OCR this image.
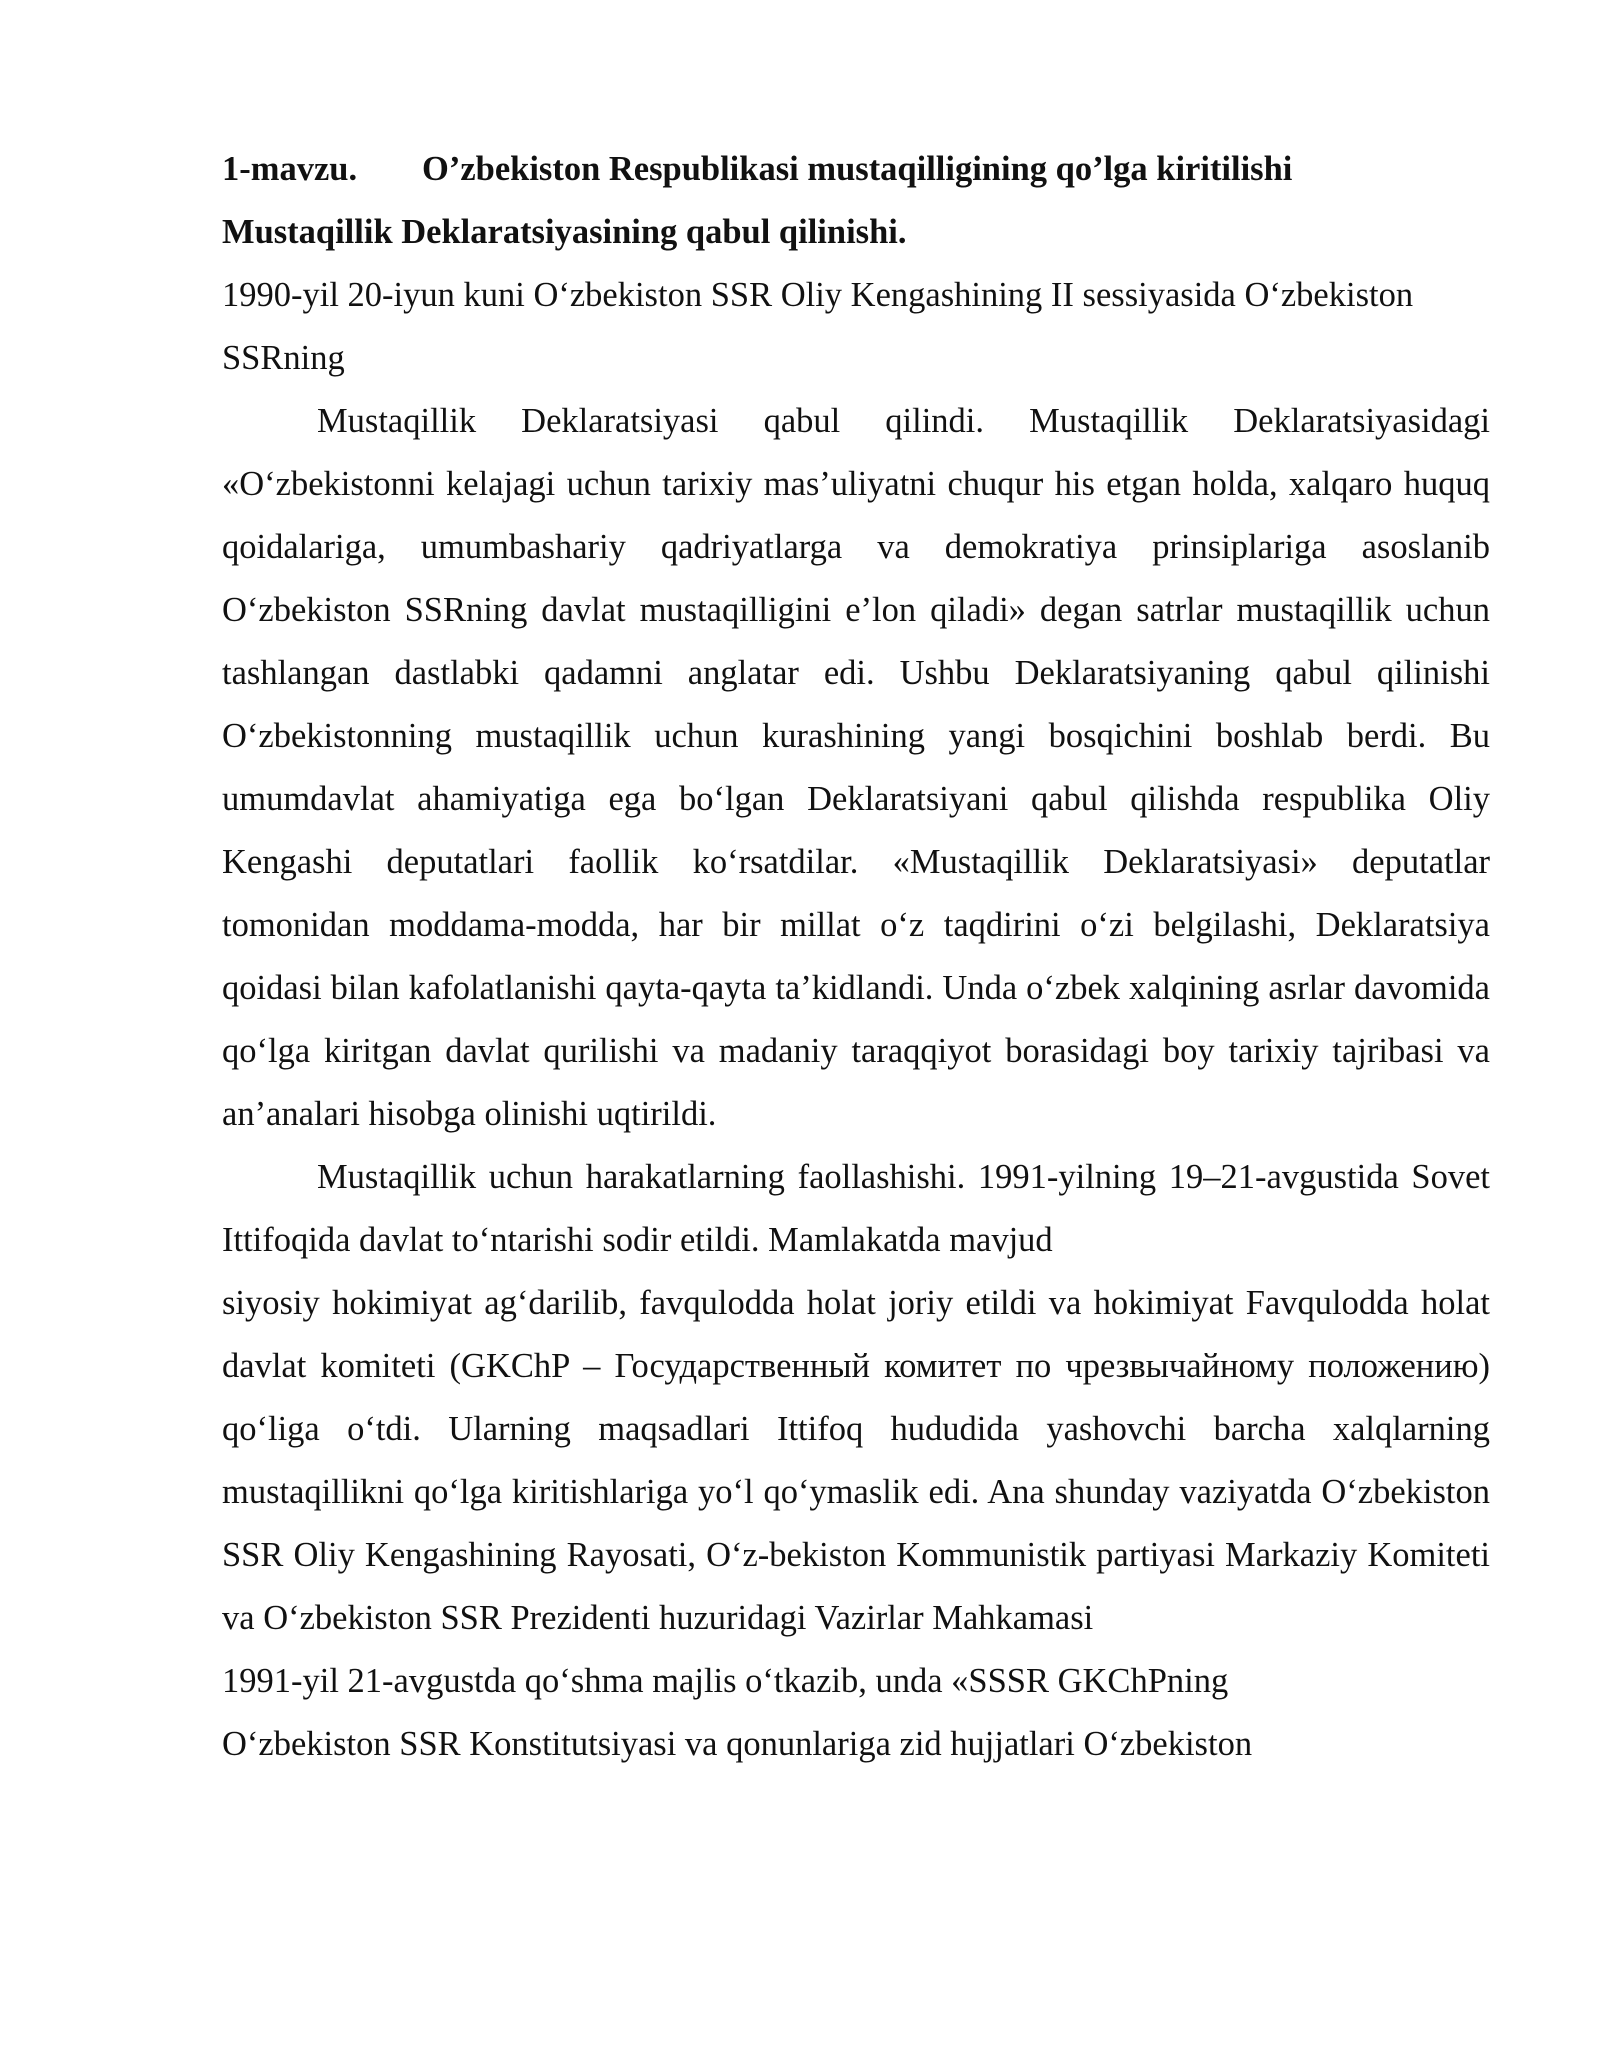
1-mavzu. O’zbekiston Respublikasi mustaqilligining qo’lga kiritilishi
Mustaqillik Deklaratsiyasining qabul qilinishi.
1990-yil 20-iyun kuni Oʻzbekiston SSR Oliy Kengashining II sessiyasida Oʻzbekiston
SSRning

Mustaqillik Deklaratsiyasi qabul qilindi. Mustaqillik Deklaratsiyasidagi «Oʻzbekistonni kelajagi uchun tarixiy mas’uliyatni chuqur his etgan holda, xalqaro huquq qoidalariga, umumbashariy qadriyatlarga va demokratiya prinsiplariga asoslanib Oʻzbekiston SSRning davlat mustaqilligini e’lon qiladi» degan satrlar mustaqillik uchun tashlangan dastlabki qadamni anglatar edi. Ushbu Deklaratsiyaning qabul qilinishi Oʻzbekistonning mustaqillik uchun kurashining yangi bosqichini boshlab berdi. Bu umumdavlat ahamiyatiga ega boʻlgan Deklaratsiyani qabul qilishda respublika Oliy Kengashi deputatlari faollik koʻrsatdilar. «Mustaqillik Deklaratsiyasi» deputatlar tomonidan moddama-modda, har bir millat oʻz taqdirini oʻzi belgilashi, Deklaratsiya qoidasi bilan kafolatlanishi qayta-qayta ta’kidlandi. Unda oʻzbek xalqining asrlar davomida qoʻlga kiritgan davlat qurilishi va madaniy taraqqiyot borasidagi boy tarixiy tajribasi va an’analari hisobga olinishi uqtirildi.

Mustaqillik uchun harakatlarning faollashishi. 1991-yilning 19–21-avgustida Sovet Ittifoqida davlat toʻntarishi sodir etildi. Mamlakatda mavjud

siyosiy hokimiyat agʻdarilib, favqulodda holat joriy etildi va hokimiyat Favqulodda holat davlat komiteti (GKChP – Государственный комитет по чрезвычайному положению) qoʻliga oʻtdi. Ularning maqsadlari Ittifoq hududida yashovchi barcha xalqlarning mustaqillikni qoʻlga kiritishlariga yoʻl qoʻymaslik edi. Ana shunday vaziyatda Oʻzbekiston SSR Oliy Kengashining Rayosati, Oʻz-bekiston Kommunistik partiyasi Markaziy Komiteti va Oʻzbekiston SSR Prezidenti huzuridagi Vazirlar Mahkamasi

1991-yil 21-avgustda qoʻshma majlis oʻtkazib, unda «SSSR GKChPning
Oʻzbekiston SSR Konstitutsiyasi va qonunlariga zid hujjatlari Oʻzbekiston
